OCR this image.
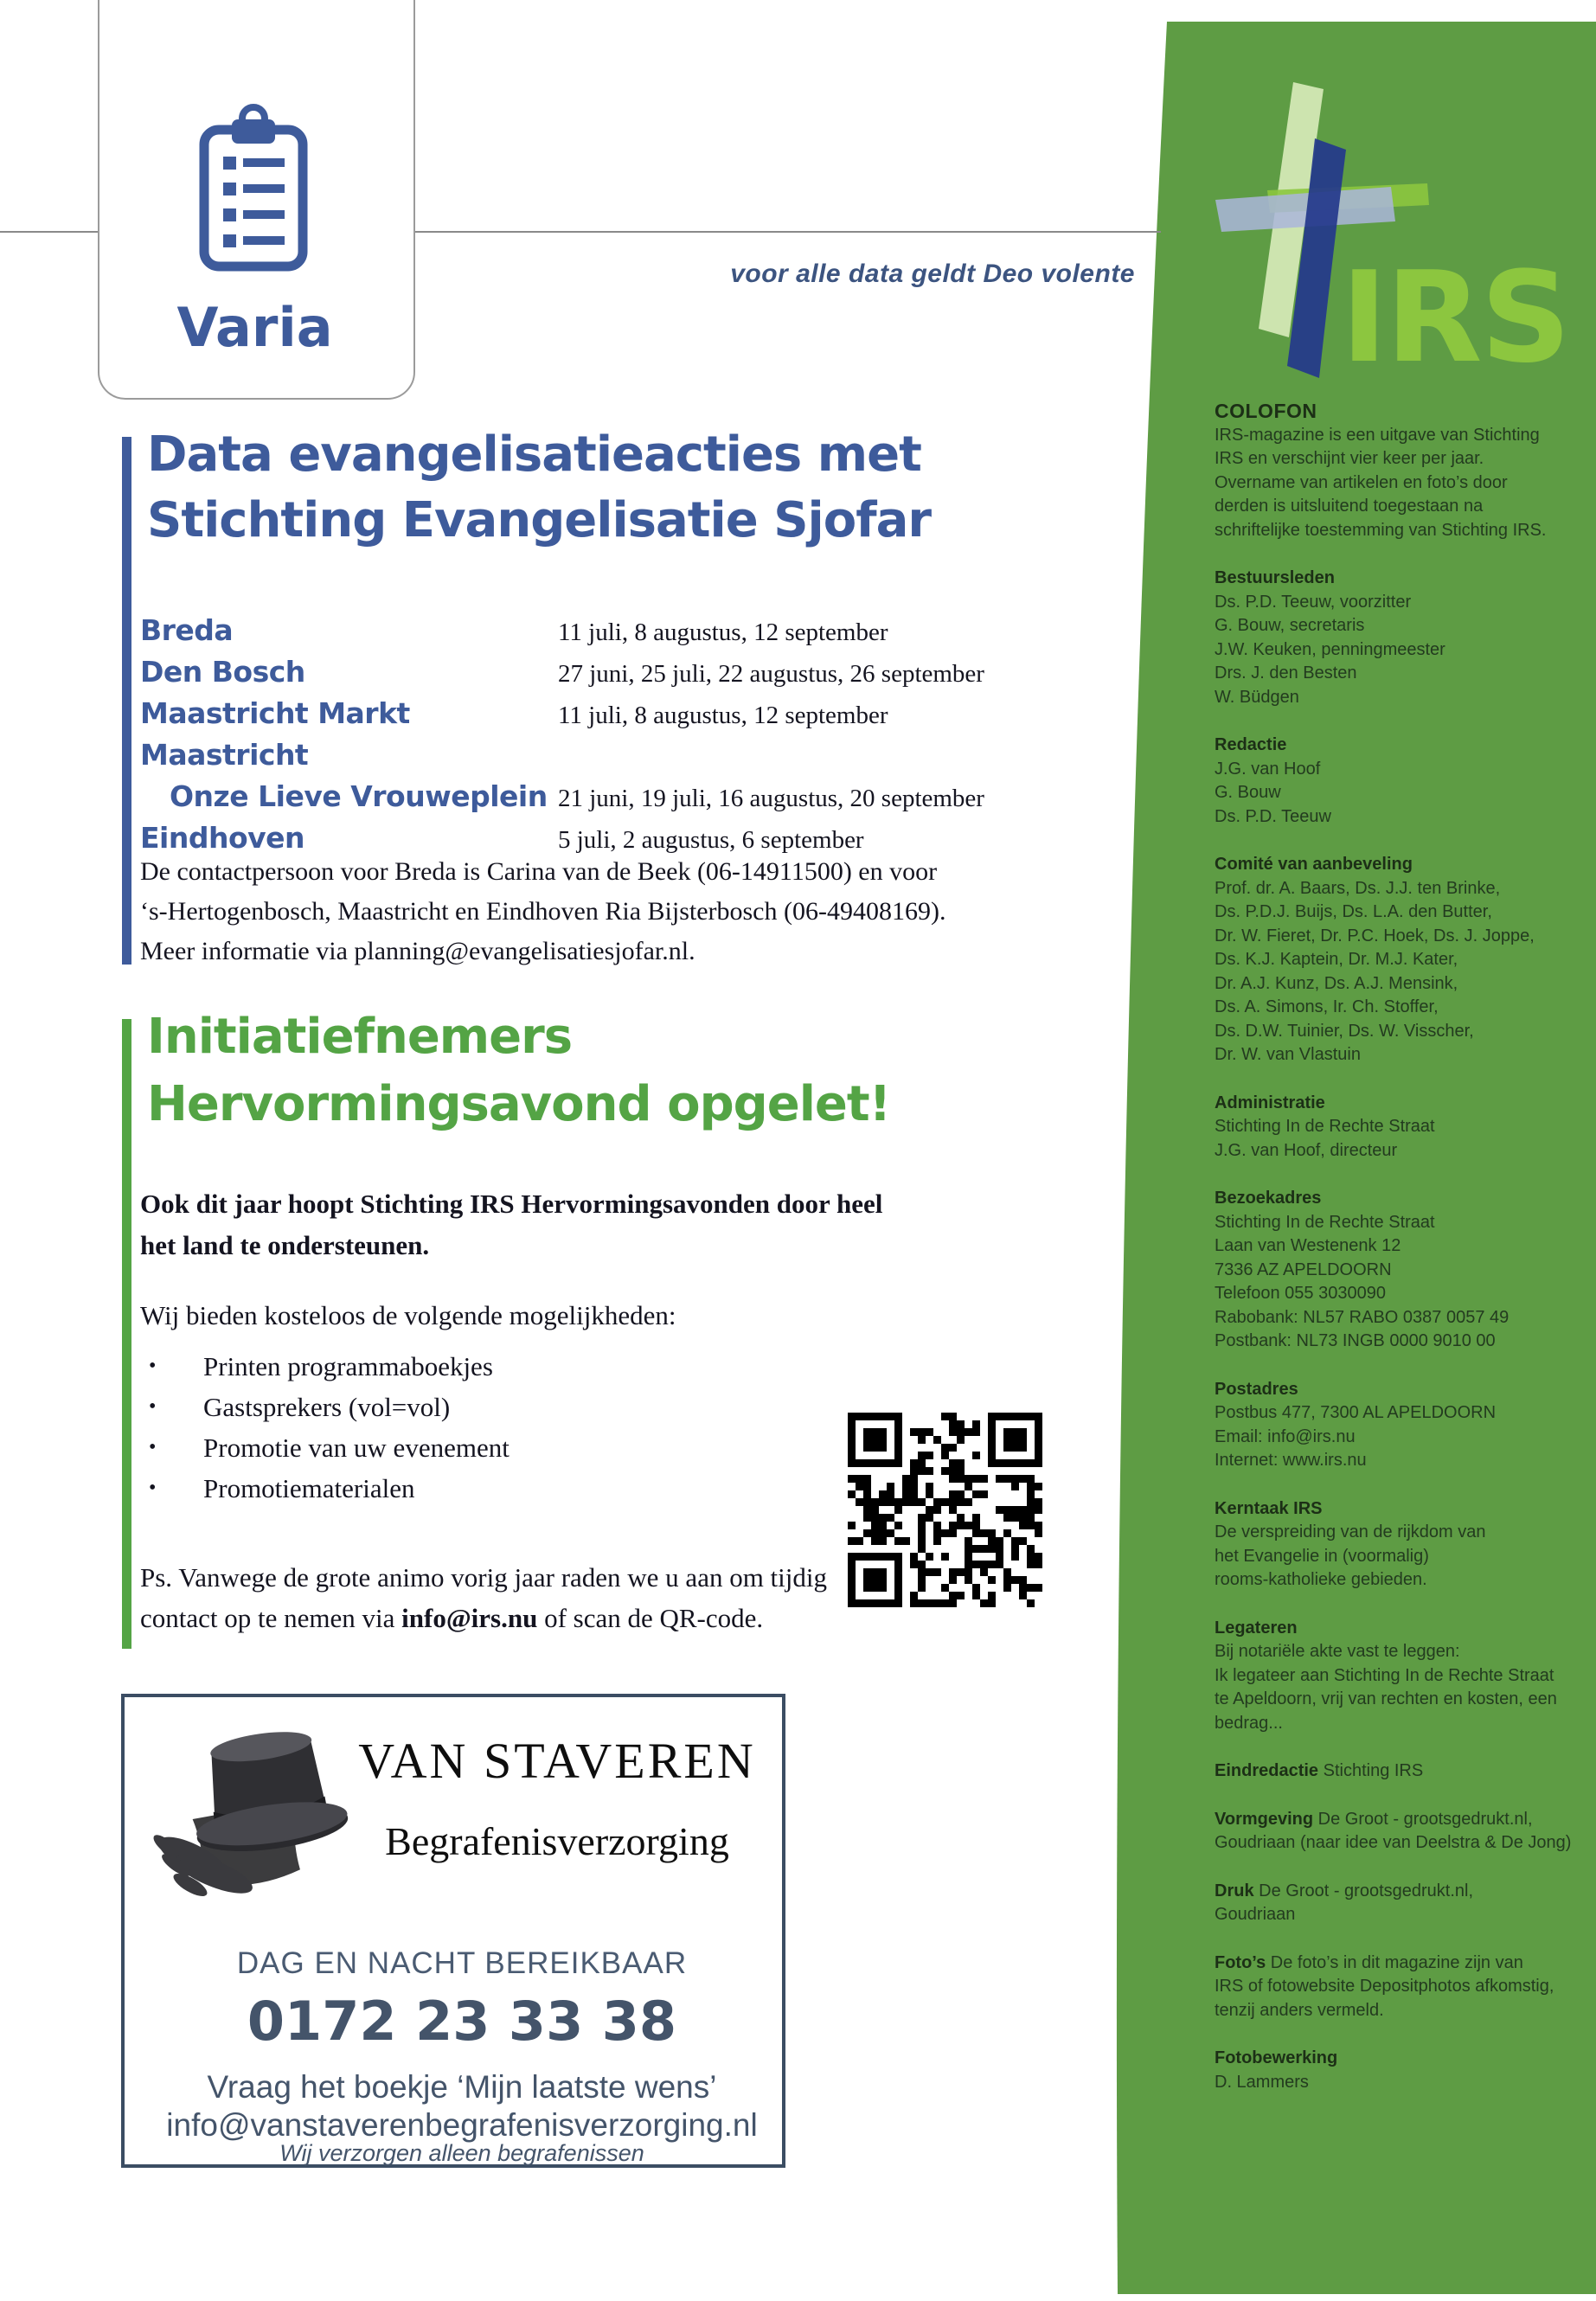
IRS
COLOFON
IRS-magazine is een uitgave van Stichting
IRS en verschijnt vier keer per jaar.
Overname van artikelen en foto’s door
derden is uitsluitend toegestaan na
schriftelijke toestemming van Stichting IRS.
Bestuursleden
Ds. P.D. Teeuw, voorzitter
G. Bouw, secretaris
J.W. Keuken, penningmeester
Drs. J. den Besten
W. Büdgen
Redactie
J.G. van Hoof
G. Bouw
Ds. P.D. Teeuw
Comité van aanbeveling
Prof. dr. A. Baars, Ds. J.J. ten Brinke,
Ds. P.D.J. Buijs, Ds. L.A. den Butter,
Dr. W. Fieret, Dr. P.C. Hoek, Ds. J. Joppe,
Ds. K.J. Kaptein, Dr. M.J. Kater,
Dr. A.J. Kunz, Ds. A.J. Mensink,
Ds. A. Simons, Ir. Ch. Stoffer,
Ds. D.W. Tuinier, Ds. W. Visscher,
Dr. W. van Vlastuin
Administratie
Stichting In de Rechte Straat
J.G. van Hoof, directeur
Bezoekadres
Stichting In de Rechte Straat
Laan van Westenenk 12
7336 AZ APELDOORN
Telefoon 055 3030090
Rabobank: NL57 RABO 0387 0057 49
Postbank: NL73 INGB 0000 9010 00
Postadres
Postbus 477, 7300 AL APELDOORN
Email: info@irs.nu
Internet: www.irs.nu
Kerntaak IRS
De verspreiding van de rijkdom van
het Evangelie in (voormalig)
rooms-katholieke gebieden.
Legateren
Bij notariële akte vast te leggen:
Ik legateer aan Stichting In de Rechte Straat
te Apeldoorn, vrij van rechten en kosten, een
bedrag...
Eindredactie Stichting IRS
Vormgeving De Groot - grootsgedrukt.nl,
Goudriaan (naar idee van Deelstra & De Jong)
Druk De Groot - grootsgedrukt.nl,
Goudriaan
Foto’s De foto’s in dit magazine zijn van
IRS of fotowebsite Depositphotos afkomstig,
tenzij anders vermeld.
Fotobewerking
D. Lammers
Varia
voor alle data geldt Deo volente
Data evangelisatieacties met
Stichting Evangelisatie Sjofar
Breda	11 juli, 8 augustus, 12 september
Den Bosch	27 juni, 25 juli, 22 augustus, 26 september
Maastricht Markt	11 juli, 8 augustus, 12 september
Maastricht
Onze Lieve Vrouweplein 21 juni, 19 juli, 16 augustus, 20 september
Eindhoven	5 juli, 2 augustus, 6 september
De contactpersoon voor Breda is Carina van de Beek (06-14911500) en voor
‘s-Hertogenbosch, Maastricht en Eindhoven Ria Bijsterbosch (06-49408169).
Meer informatie via planning@evangelisatiesjofar.nl.
Initiatiefnemers
Hervormingsavond opgelet!
Ook dit jaar hoopt Stichting IRS Hervormingsavonden door heel
het land te ondersteunen.
Wij bieden kosteloos de volgende mogelijkheden:
•	Printen programmaboekjes
•	Gastsprekers (vol=vol)
•	Promotie van uw evenement
•	Promotiematerialen
Ps. Vanwege de grote animo vorig jaar raden we u aan om tijdig
contact op te nemen via info@irs.nu of scan de QR-code.
VAN STAVEREN
Begrafenisverzorging
DAG EN NACHT BEREIKBAAR
0172 23 33 38
Vraag het boekje ‘Mijn laatste wens’
info@vanstaverenbegrafenisverzorging.nl
Wij verzorgen alleen begrafenissen
